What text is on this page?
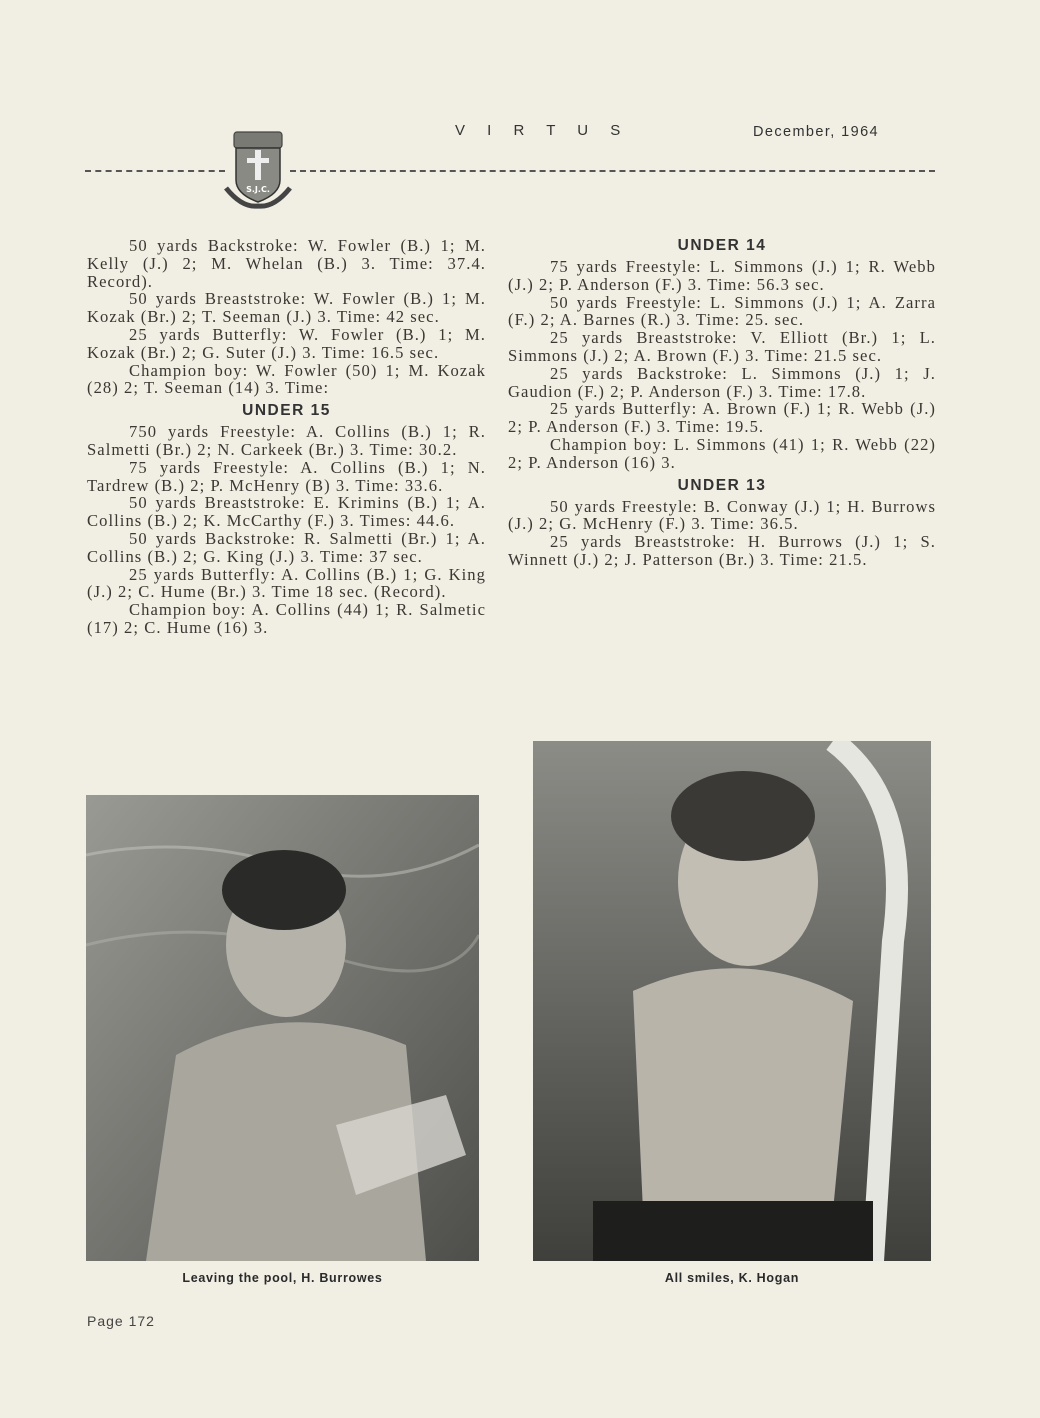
S.J.C.
V I R T U S	December, 1964

50 yards Backstroke: W. Fowler (B.) 1; M. Kelly (J.) 2; M. Whelan (B.) 3. Time: 37.4. Record).

50 yards Breaststroke: W. Fowler (B.) 1; M. Kozak (Br.) 2; T. Seeman (J.) 3. Time: 42 sec.

25 yards Butterfly: W. Fowler (B.) 1; M. Kozak (Br.) 2; G. Suter (J.) 3. Time: 16.5 sec.

Champion boy: W. Fowler (50) 1; M. Kozak (28) 2; T. Seeman (14) 3. Time:

UNDER 15

750 yards Freestyle: A. Collins (B.) 1; R. Salmetti (Br.) 2; N. Carkeek (Br.) 3. Time: 30.2.

75 yards Freestyle: A. Collins (B.) 1; N. Tardrew (B.) 2; P. McHenry (B) 3. Time: 33.6.

50 yards Breaststroke: E. Krimins (B.) 1; A. Collins (B.) 2; K. McCarthy (F.) 3. Times: 44.6.

50 yards Backstroke: R. Salmetti (Br.) 1; A. Collins (B.) 2; G. King (J.) 3. Time: 37 sec.

25 yards Butterfly: A. Collins (B.) 1; G. King (J.) 2; C. Hume (Br.) 3. Time 18 sec. (Record).

Champion boy: A. Collins (44) 1; R. Salmetic (17) 2; C. Hume (16) 3.

UNDER 14

75 yards Freestyle: L. Simmons (J.) 1; R. Webb (J.) 2; P. Anderson (F.) 3. Time: 56.3 sec.

50 yards Freestyle: L. Simmons (J.) 1; A. Zarra (F.) 2; A. Barnes (R.) 3. Time: 25. sec.

25 yards Breaststroke: V. Elliott (Br.) 1; L. Simmons (J.) 2; A. Brown (F.) 3. Time: 21.5 sec.

25 yards Backstroke: L. Simmons (J.) 1; J. Gaudion (F.) 2; P. Anderson (F.) 3. Time: 17.8.

25 yards Butterfly: A. Brown (F.) 1; R. Webb (J.) 2; P. Anderson (F.) 3. Time: 19.5.

Champion boy: L. Simmons (41) 1; R. Webb (22) 2; P. Anderson (16) 3.

UNDER 13

50 yards Freestyle: B. Conway (J.) 1; H. Burrows (J.) 2; G. McHenry (F.) 3. Time: 36.5.

25 yards Breaststroke: H. Burrows (J.) 1; S. Winnett (J.) 2; J. Patterson (Br.) 3. Time: 21.5.

Leaving the pool, H. Burrowes	All smiles, K. Hogan
Page 172
